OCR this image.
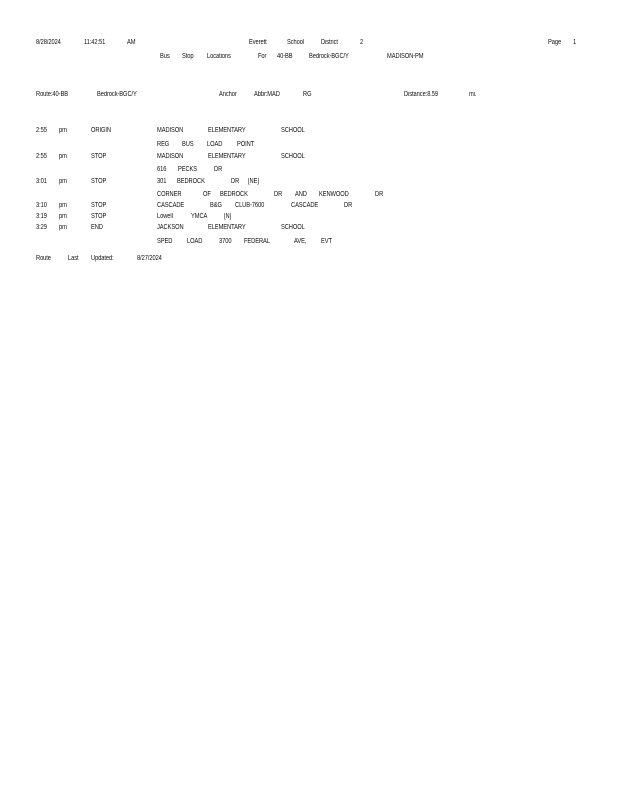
8/28/2024	11:42:51	AM	Everett	School District	2	Page 1
Bus Stop Locations	For 40-BB Bedrock-BGC/Y	MADISON-PM
Route:40-BB	Bedrock-BGC/Y	Anchor Abbr:MAD	RG	Distance:8.59	mi.
2:55 pm	ORIGIN	MADISON	ELEMENTARY	SCHOOL
REG BUS LOAD POINT
2:55 pm	STOP	MADISON	ELEMENTARY	SCHOOL
616 PECKS DR
3:01 pm	STOP	301 BEDROCK	DR [NE]
CORNER	OF BEDROCK	DR AND KENWOOD	DR
3:10 pm	STOP	CASCADE	B&G CLUB-7600	CASCADE	DR
3:19 pm	STOP	Lowell	YMCA [N]
3:29 pm	END	JACKSON	ELEMENTARY	SCHOOL
SPED LOAD 3700 FEDERAL	AVE, EVT
Route Last Updated:	8/27/2024
